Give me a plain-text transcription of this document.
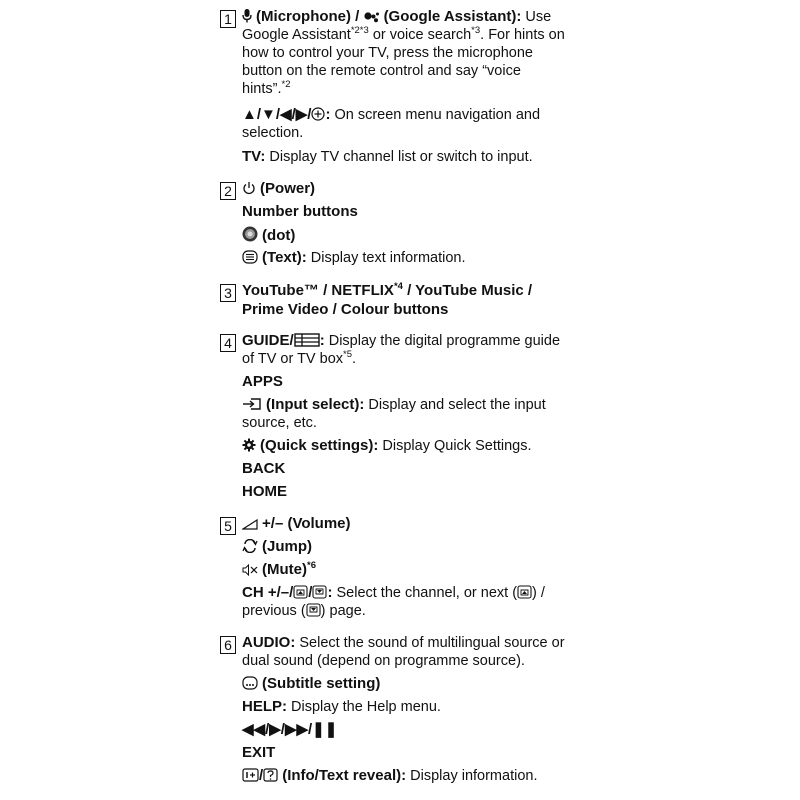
1	(Microphone) /
(Google Assistant): Use
Google Assistant$^{*2*3}$ or voice search$^{*3}$. For hints on
how to control your TV, press the microphone
button on the remote control and say “voice
hints”.$^{*2}$
▲/▼/◀/▶/ : On screen menu navigation and
selection.
TV: Display TV channel list or switch to input.
2	(Power)
Number buttons
(dot)
(Text): Display text information.
3 YouTube™ / NETFLIX$^{*4}$ / YouTube Music /
Prime Video / Colour buttons
4 GUIDE/ : Display the digital programme guide
of TV or TV box$^{*5}$.
APPS
(Input select): Display and select the input
source, etc.
(Quick settings): Display Quick Settings.
BACK
HOME
5	+/– (Volume)
(Jump)
(Mute)$^{*6}$
CH +/–/ / : Select the channel, or next ( ) /
previous ( ) page.
6 AUDIO: Select the sound of multilingual source or
dual sound (depend on programme source).
(Subtitle setting)
HELP: Display the Help menu.
◀◀/▶/▶▶/❚❚
EXIT
/ (Info/Text reveal): Display information.
